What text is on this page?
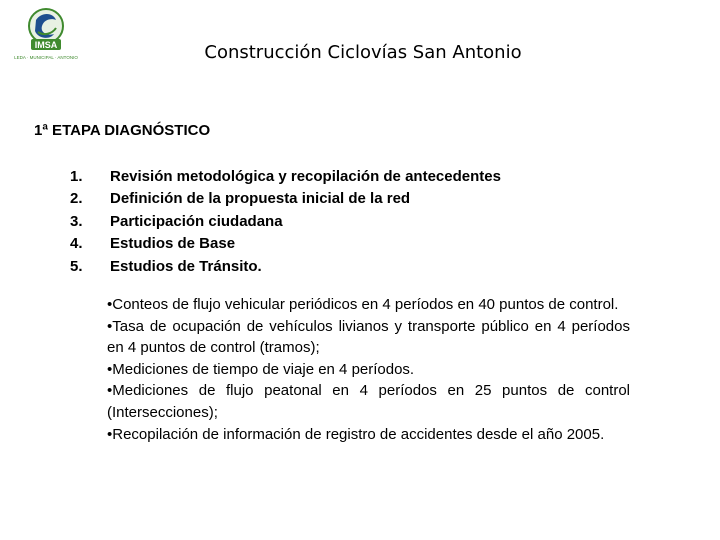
IMSA
LEDA · MUNICIPAL · ANTONIO	Construcción Ciclovías San Antonio
1ª ETAPA DIAGNÓSTICO
1.	Revisión metodológica y recopilación de antecedentes
2.	Definición de la propuesta inicial de la red
3.	Participación ciudadana
4.	Estudios de Base
5.	Estudios de Tránsito.
•Conteos de flujo vehicular periódicos en 4 períodos en 40 puntos de control.
•Tasa de ocupación de vehículos livianos y transporte público en 4 períodos en 4 puntos de control (tramos);
•Mediciones de tiempo de viaje en 4 períodos.
•Mediciones de flujo peatonal en 4 períodos en 25 puntos de control (Intersecciones);
•Recopilación de información de registro de accidentes desde el año 2005.
